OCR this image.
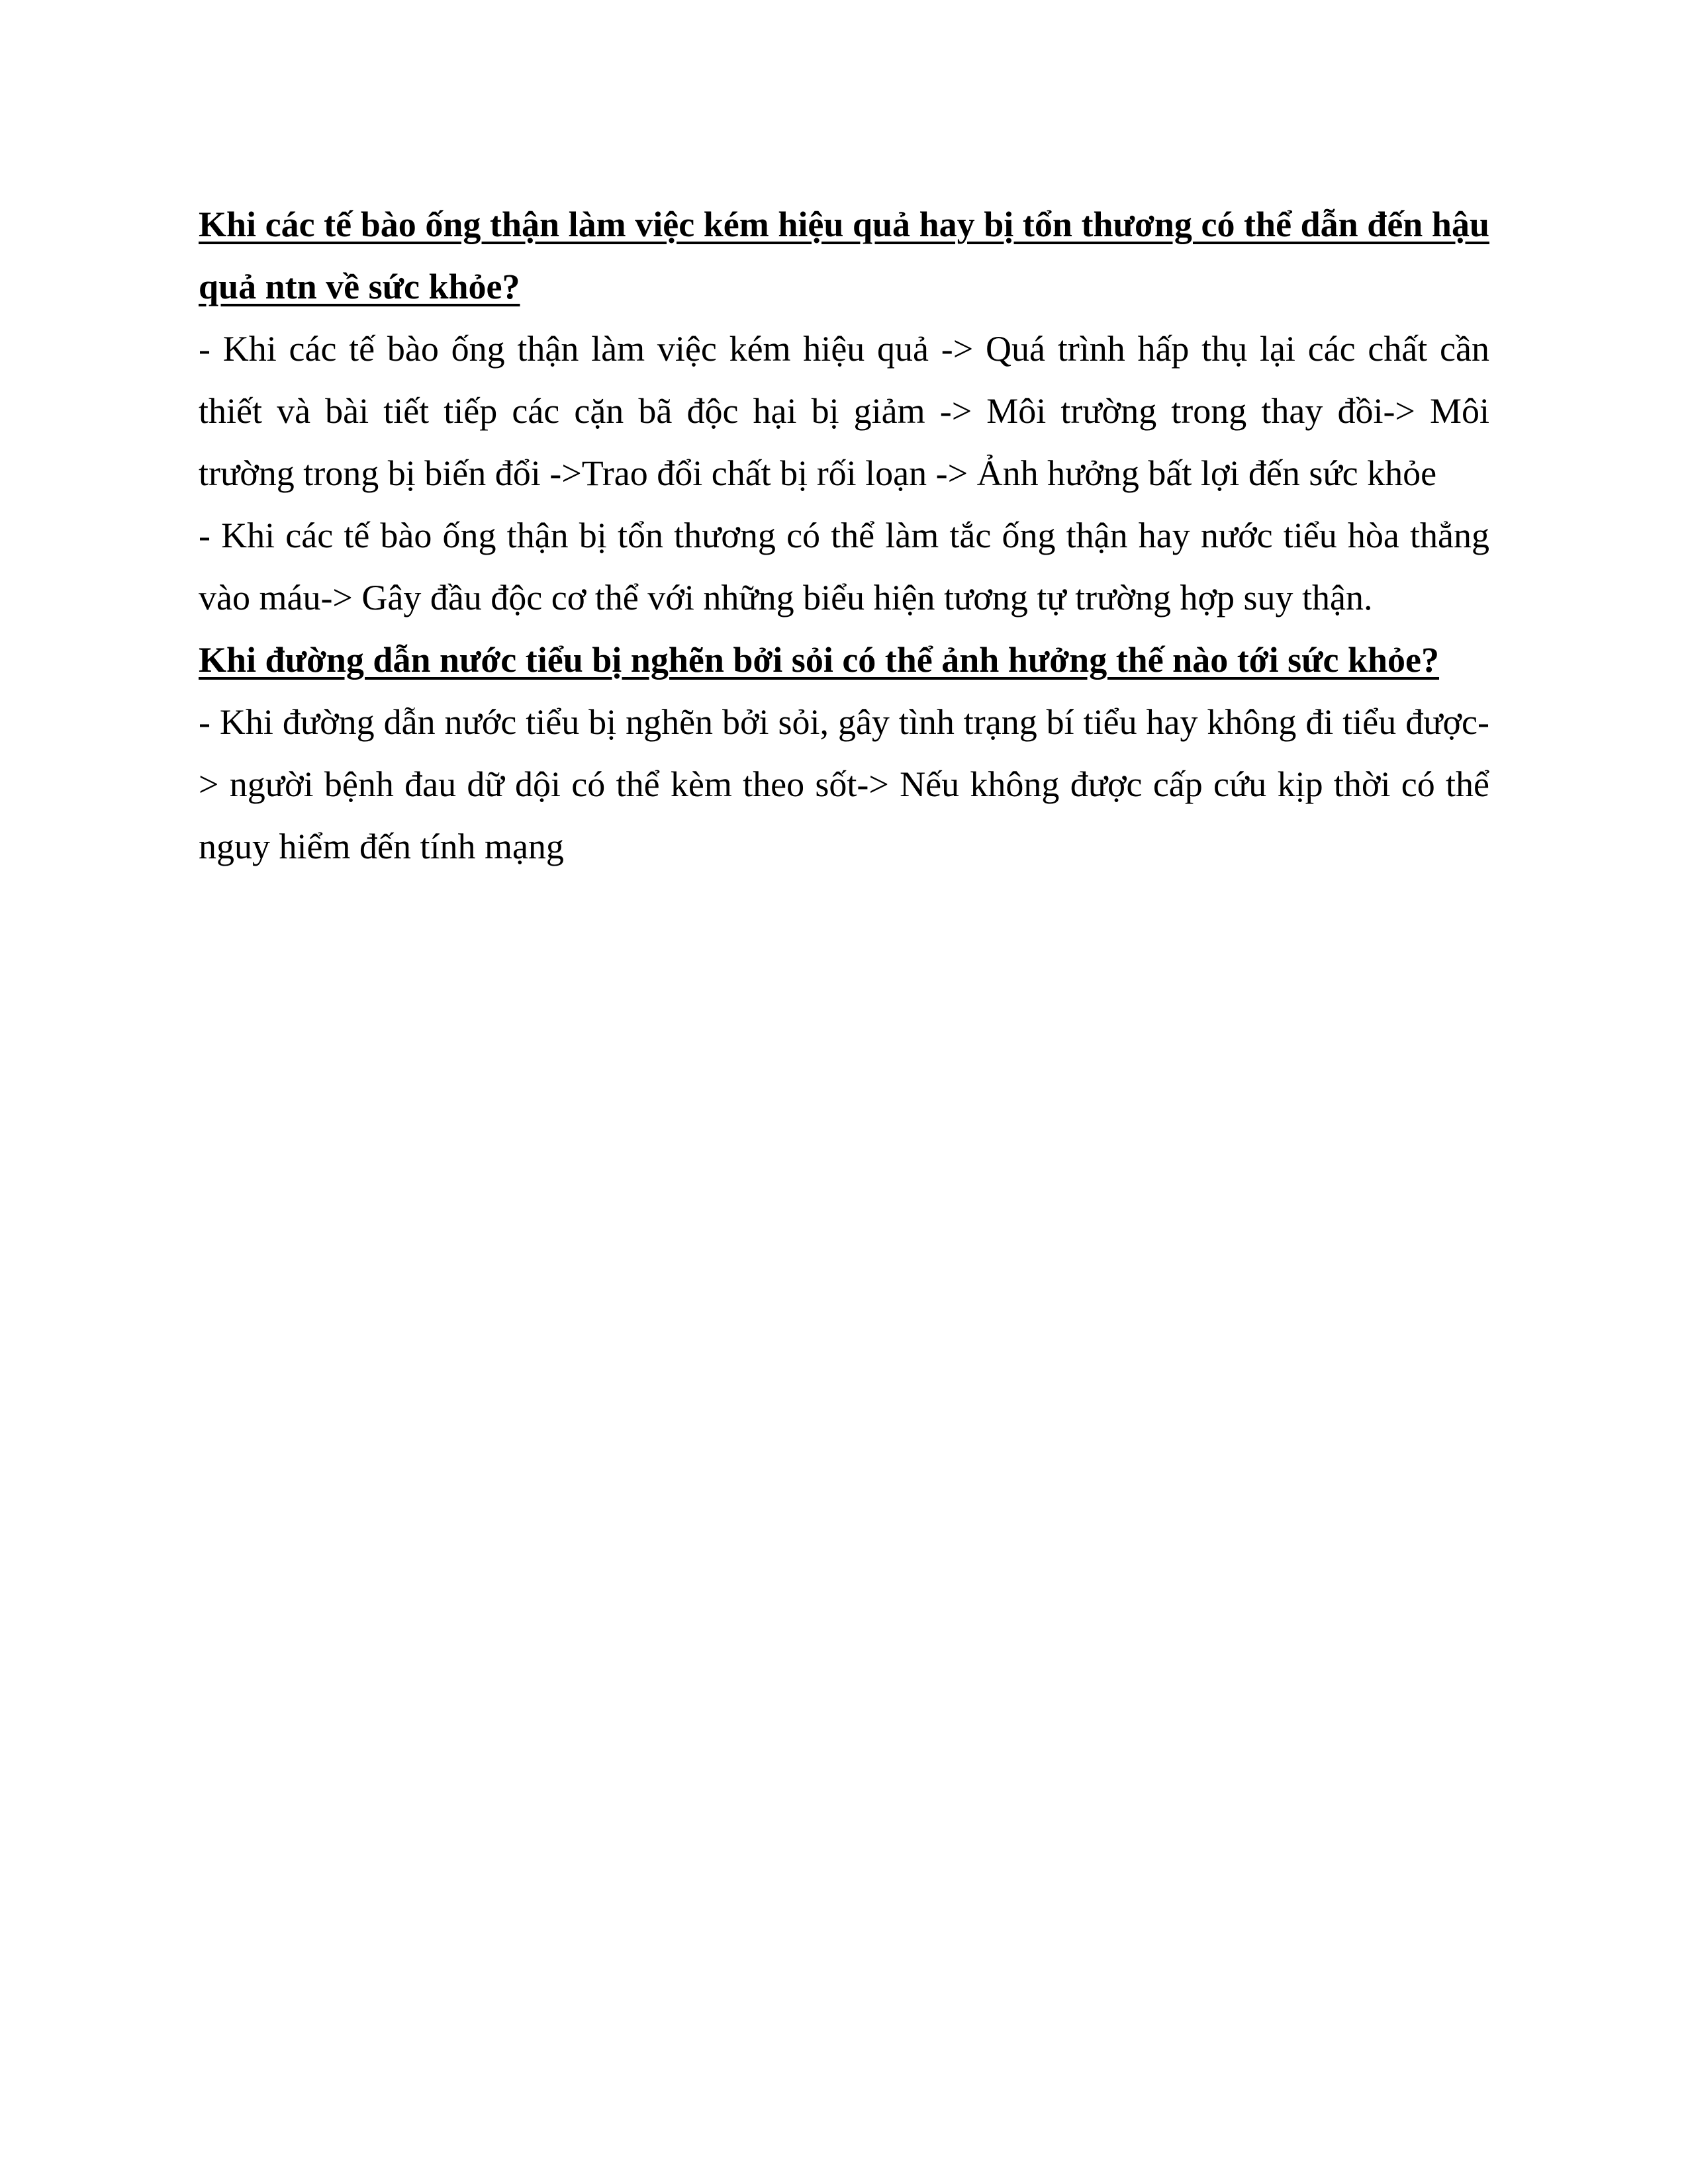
Khi các tế bào ống thận làm việc kém hiệu quả hay bị tổn thương có thể dẫn đến hậu quả ntn về sức khỏe?

- Khi các tế bào ống thận làm việc kém hiệu quả -> Quá trình hấp thụ lại các chất cần thiết và bài tiết tiếp các cặn bã độc hại bị giảm -> Môi trường trong thay đồi-> Môi trường trong bị biến đổi ->Trao đổi chất bị rối loạn -> Ảnh hưởng bất lợi đến sức khỏe

- Khi các tế bào ống thận bị tổn thương có thể làm tắc ống thận hay nước tiểu hòa thẳng vào máu-> Gây đầu độc cơ thể với những biểu hiện tương tự trường hợp suy thận.

Khi đường dẫn nước tiểu bị nghẽn bởi sỏi có thể ảnh hưởng thế nào tới sức khỏe?

- Khi đường dẫn nước tiểu bị nghẽn bởi sỏi, gây tình trạng bí tiểu hay không đi tiểu được-> người bệnh đau dữ dội có thể kèm theo sốt-> Nếu không được cấp cứu kịp thời có thể nguy hiểm đến tính mạng
